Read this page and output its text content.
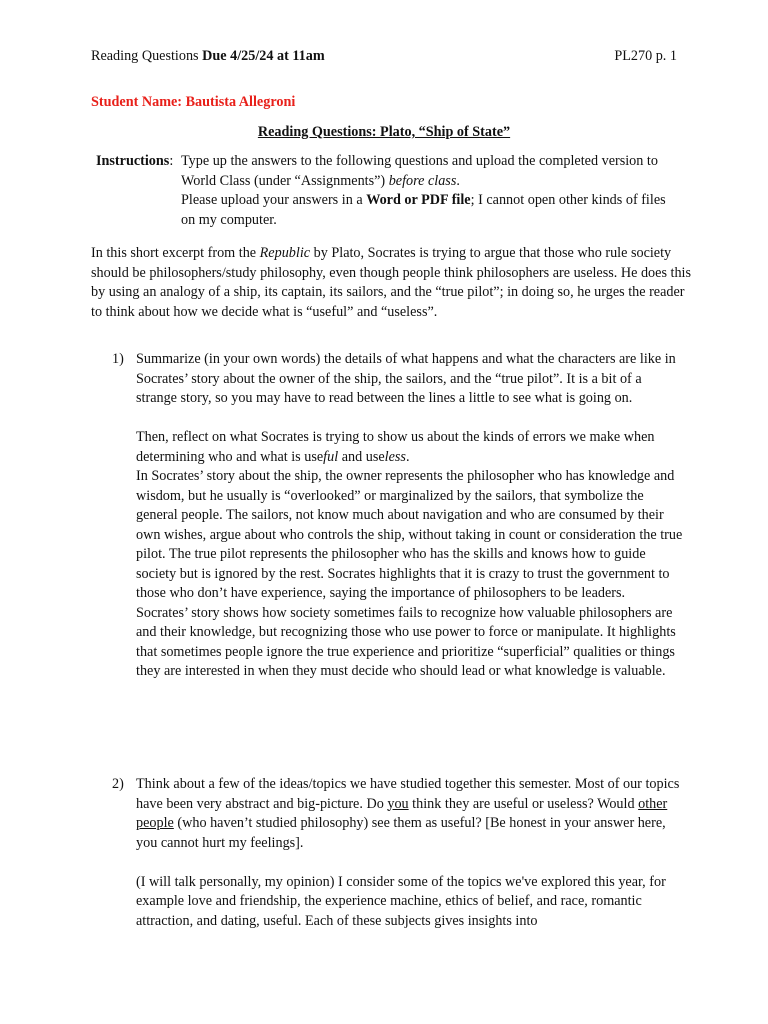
Reading Questions Due 4/25/24 at 11am	PL270 p. 1
Student Name: Bautista Allegroni
Reading Questions: Plato, “Ship of State”
Instructions: Type up the answers to the following questions and upload the completed version to World Class (under “Assignments”) before class.

Please upload your answers in a Word or PDF file; I cannot open other kinds of files on my computer.

In this short excerpt from the Republic by Plato, Socrates is trying to argue that those who rule society should be philosophers/study philosophy, even though people think philosophers are useless. He does this by using an analogy of a ship, its captain, its sailors, and the “true pilot”; in doing so, he urges the reader to think about how we decide what is “useful” and “useless”.
1) Summarize (in your own words) the details of what happens and what the characters are like in Socrates’ story about the owner of the ship, the sailors, and the “true pilot”. It is a bit of a strange story, so you may have to read between the lines a little to see what is going on.

Then, reflect on what Socrates is trying to show us about the kinds of errors we make when determining who and what is useful and useless.

In Socrates’ story about the ship, the owner represents the philosopher who has knowledge and wisdom, but he usually is “overlooked” or marginalized by the sailors, that symbolize the general people. The sailors, not know much about navigation and who are consumed by their own wishes, argue about who controls the ship, without taking in count or consideration the true pilot. The true pilot represents the philosopher who has the skills and knows how to guide society but is ignored by the rest. Socrates highlights that it is crazy to trust the government to those who don’t have experience, saying the importance of philosophers to be leaders.

Socrates’ story shows how society sometimes fails to recognize how valuable philosophers are and their knowledge, but recognizing those who use power to force or manipulate. It highlights that sometimes people ignore the true experience and prioritize “superficial” qualities or things they are interested in when they must decide who should lead or what knowledge is valuable.

2) Think about a few of the ideas/topics we have studied together this semester. Most of our topics have been very abstract and big-picture. Do you think they are useful or useless? Would other people (who haven’t studied philosophy) see them as useful? [Be honest in your answer here, you cannot hurt my feelings].

(I will talk personally, my opinion) I consider some of the topics we've explored this year, for example love and friendship, the experience machine, ethics of belief, and race, romantic attraction, and dating, useful. Each of these subjects gives insights into
